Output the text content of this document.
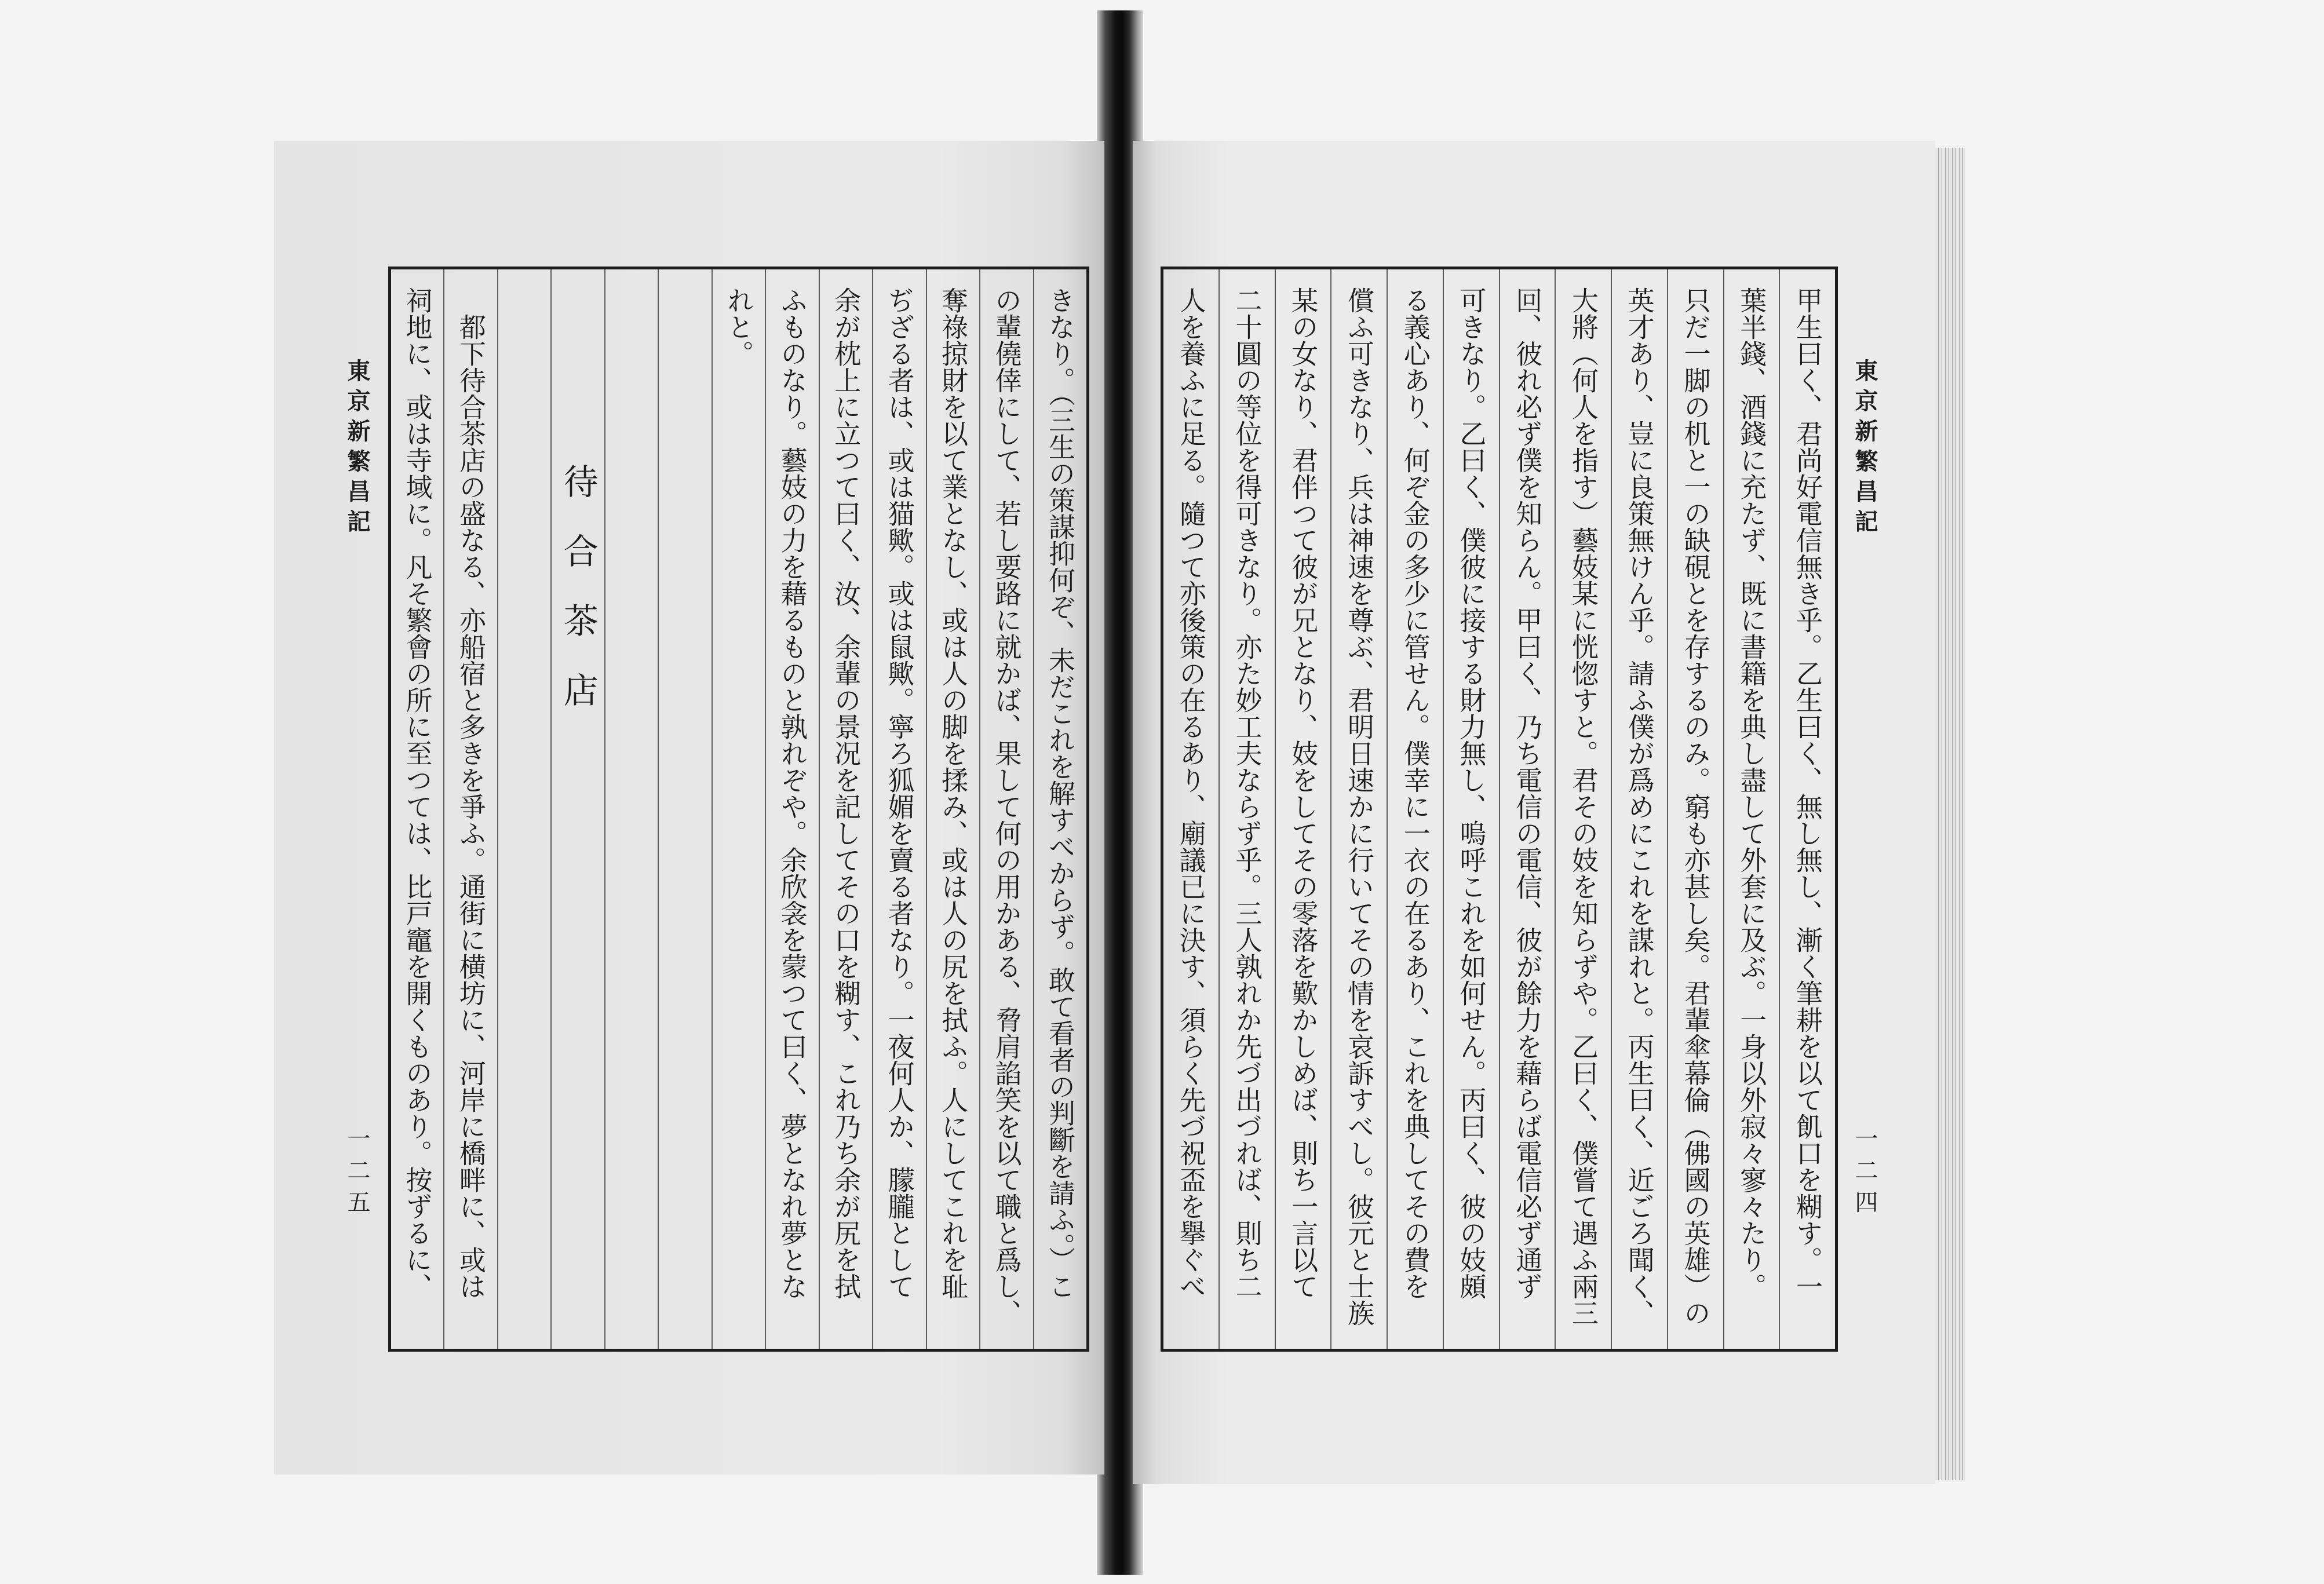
東京新繁昌記
一二五	きなり。（三生の策謀抑何ぞ、未だこれを解すべからず。敢て看者の判斷を請ふ。）こ
の輩僥倖にして、若し要路に就かば、果して何の用かある、脅肩諂笑を以て職と爲し、
奪祿掠財を以て業となし、或は人の脚を揉み、或は人の尻を拭ふ。人にしてこれを耻
ぢざる者は、或は猫歟。或は鼠歟。寧ろ狐媚を賣る者なり。一夜何人か、朦朧として
余が枕上に立つて曰く、汝、余輩の景况を記してその口を糊す、これ乃ち余が尻を拭
ふものなり。藝妓の力を藉るものと孰れぞや。余欣衾を蒙つて曰く、夢となれ夢とな
れと。
待合茶店
都下待合茶店の盛なる、亦船宿と多きを爭ふ。通街に横坊に、河岸に橋畔に、或は
祠地に、或は寺域に。凡そ繁會の所に至つては、比戸竈を開くものあり。按ずるに、	東京新繁昌記
一二四
甲生曰く、君尚好電信無き乎。乙生曰く、無し無し、漸く筆耕を以て飢口を糊す。一
葉半錢、酒錢に充たず、既に書籍を典し盡して外套に及ぶ。一身以外寂々寥々たり。
只だ一脚の机と一の缺硯とを存するのみ。窮も亦甚し矣。君輩傘幕倫（佛國の英雄）の
英才あり、豈に良策無けん乎。請ふ僕が爲めにこれを謀れと。丙生曰く、近ごろ聞く、
大將（何人を指す）藝妓某に恍惚すと。君その妓を知らずや。乙曰く、僕嘗て遇ふ兩三
回、彼れ必ず僕を知らん。甲曰く、乃ち電信の電信、彼が餘力を藉らば電信必ず通ず
可きなり。乙曰く、僕彼に接する財力無し、嗚呼これを如何せん。丙曰く、彼の妓頗
る義心あり、何ぞ金の多少に管せん。僕幸に一衣の在るあり、これを典してその費を
償ふ可きなり、兵は神速を尊ぶ、君明日速かに行いてその情を哀訴すべし。彼元と士族
某の女なり、君伴つて彼が兄となり、妓をしてその零落を歎かしめば、則ち一言以て
二十圓の等位を得可きなり。亦た妙工夫ならず乎。三人孰れか先づ出づれば、則ち二
人を養ふに足る。隨つて亦後策の在るあり、廟議已に決す、須らく先づ祝盃を擧ぐべ
